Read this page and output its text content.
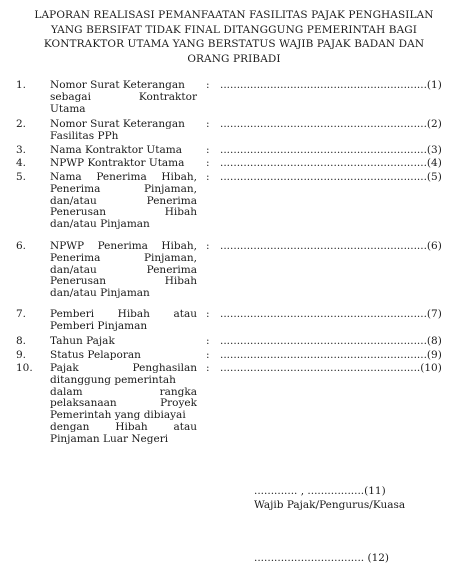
LAPORAN REALISASI PEMANFAATAN FASILITAS PAJAK PENGHASILAN
YANG BERSIFAT TIDAK FINAL DITANGGUNG PEMERINTAH BAGI
KONTRAKTOR UTAMA YANG BERSTATUS WAJIB PAJAK BADAN DAN
ORANG PRIBADI
1.	Nomor Surat Keterangan
sebagai Kontraktor
Utama
: ..............................................................(1)
2.	Nomor Surat Keterangan
Fasilitas PPh
: ..............................................................(2)
3.	Nama Kontraktor Utama	: ..............................................................(3)
4.	NPWP Kontraktor Utama	: ..............................................................(4)
5.	Nama Penerima Hibah,
Penerima Pinjaman,
dan/atau Penerima
Penerusan Hibah
dan/atau Pinjaman
: ..............................................................(5)
6.	NPWP Penerima Hibah,
Penerima Pinjaman,
dan/atau Penerima
Penerusan Hibah
dan/atau Pinjaman
: ..............................................................(6)
7.	Pemberi Hibah atau
Pemberi Pinjaman
: ..............................................................(7)
8.	Tahun Pajak	: ..............................................................(8)
9.	Status Pelaporan	: ..............................................................(9)
10.	Pajak Penghasilan
ditanggung pemerintah
dalam rangka
pelaksanaan Proyek
Pemerintah yang dibiayai
dengan Hibah atau
Pinjaman Luar Negeri
: ............................................................(10)
............. , .................(11)
Wajib Pajak/Pengurus/Kuasa
................................. (12)
